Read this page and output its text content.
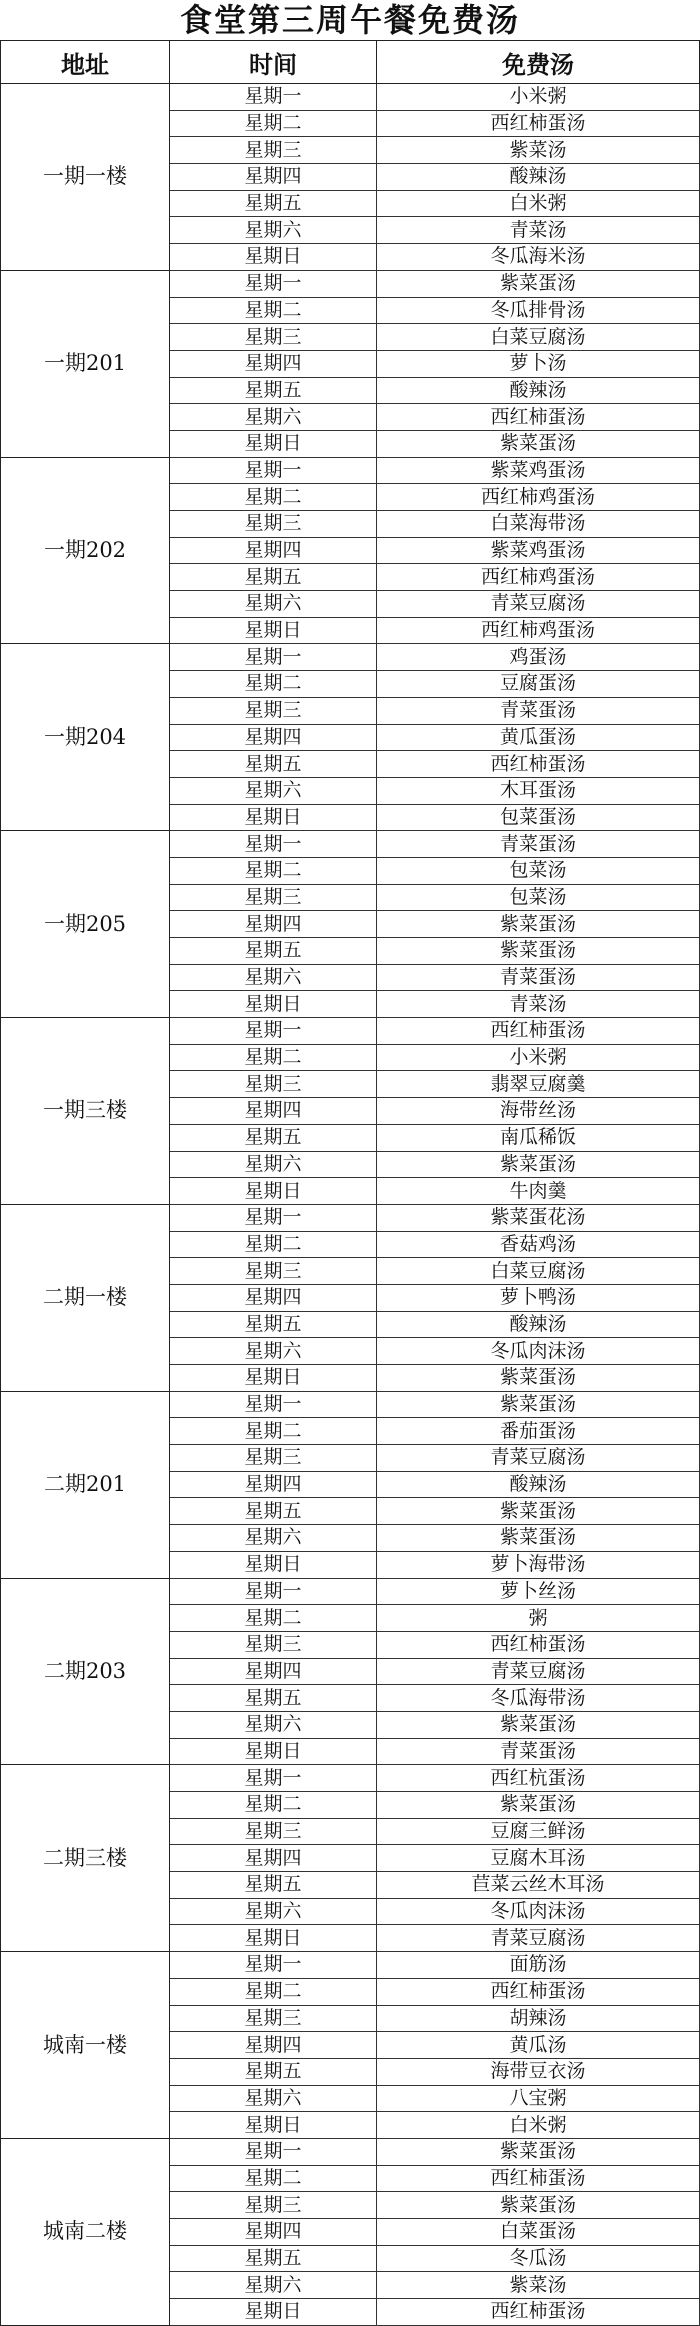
食堂第三周午餐免费汤
地址	时间	免费汤
一期一楼	星期一	小米粥
	星期二	西红柿蛋汤
	星期三	紫菜汤
	星期四	酸辣汤
	星期五	白米粥
	星期六	青菜汤
	星期日	冬瓜海米汤
一期201	星期一	紫菜蛋汤
	星期二	冬瓜排骨汤
	星期三	白菜豆腐汤
	星期四	萝卜汤
	星期五	酸辣汤
	星期六	西红柿蛋汤
	星期日	紫菜蛋汤
一期202	星期一	紫菜鸡蛋汤
	星期二	西红柿鸡蛋汤
	星期三	白菜海带汤
	星期四	紫菜鸡蛋汤
	星期五	西红柿鸡蛋汤
	星期六	青菜豆腐汤
	星期日	西红柿鸡蛋汤
一期204	星期一	鸡蛋汤
	星期二	豆腐蛋汤
	星期三	青菜蛋汤
	星期四	黄瓜蛋汤
	星期五	西红柿蛋汤
	星期六	木耳蛋汤
	星期日	包菜蛋汤
一期205	星期一	青菜蛋汤
	星期二	包菜汤
	星期三	包菜汤
	星期四	紫菜蛋汤
	星期五	紫菜蛋汤
	星期六	青菜蛋汤
	星期日	青菜汤
一期三楼	星期一	西红柿蛋汤
	星期二	小米粥
	星期三	翡翠豆腐羹
	星期四	海带丝汤
	星期五	南瓜稀饭
	星期六	紫菜蛋汤
	星期日	牛肉羹
二期一楼	星期一	紫菜蛋花汤
	星期二	香菇鸡汤
	星期三	白菜豆腐汤
	星期四	萝卜鸭汤
	星期五	酸辣汤
	星期六	冬瓜肉沫汤
	星期日	紫菜蛋汤
二期201	星期一	紫菜蛋汤
	星期二	番茄蛋汤
	星期三	青菜豆腐汤
	星期四	酸辣汤
	星期五	紫菜蛋汤
	星期六	紫菜蛋汤
	星期日	萝卜海带汤
二期203	星期一	萝卜丝汤
	星期二	粥
	星期三	西红柿蛋汤
	星期四	青菜豆腐汤
	星期五	冬瓜海带汤
	星期六	紫菜蛋汤
	星期日	青菜蛋汤
二期三楼	星期一	西红杭蛋汤
	星期二	紫菜蛋汤
	星期三	豆腐三鲜汤
	星期四	豆腐木耳汤
	星期五	苣菜云丝木耳汤
	星期六	冬瓜肉沫汤
	星期日	青菜豆腐汤
城南一楼	星期一	面筋汤
	星期二	西红柿蛋汤
	星期三	胡辣汤
	星期四	黄瓜汤
	星期五	海带豆衣汤
	星期六	八宝粥
	星期日	白米粥
城南二楼	星期一	紫菜蛋汤
	星期二	西红柿蛋汤
	星期三	紫菜蛋汤
	星期四	白菜蛋汤
	星期五	冬瓜汤
	星期六	紫菜汤
	星期日	西红柿蛋汤
